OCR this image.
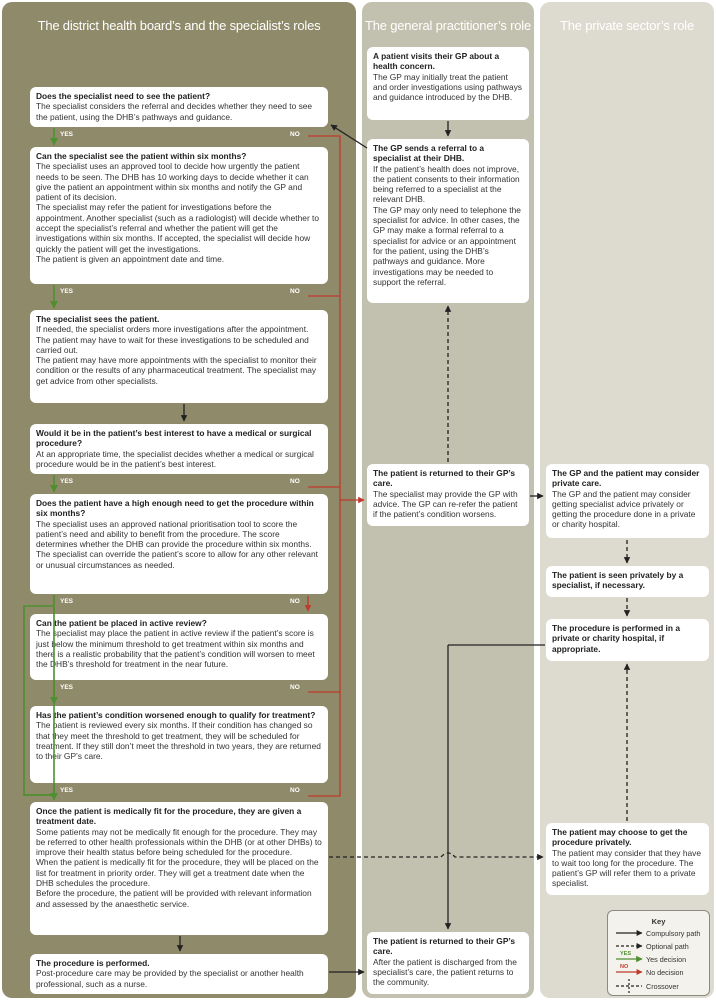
The district health board’s and the specialist’s roles	The general practitioner’s role	The private sector’s role

Does the specialist need to see the patient?

The specialist considers the referral and decides whether they need to see the patient, using the DHB’s pathways and guidance.

Can the specialist see the patient within six months?

The specialist uses an approved tool to decide how urgently the patient needs to be seen. The DHB has 10 working days to decide whether it can give the patient an appointment within six months and notify the GP and patient of its decision.

The specialist may refer the patient for investigations before the appointment. Another specialist (such as a radiologist) will decide whether to accept the specialist’s referral and whether the patient will get the investigations within six months. If accepted, the specialist will decide how quickly the patient will get the investigations.

The patient is given an appointment date and time.

The specialist sees the patient.

If needed, the specialist orders more investigations after the appointment. The patient may have to wait for these investigations to be scheduled and carried out.

The patient may have more appointments with the specialist to monitor their condition or the results of any pharmaceutical treatment. The specialist may get advice from other specialists.

Would it be in the patient’s best interest to have a medical or surgical procedure?

At an appropriate time, the specialist decides whether a medical or surgical procedure would be in the patient’s best interest.

Does the patient have a high enough need to get the procedure within six months?

The specialist uses an approved national prioritisation tool to score the patient’s need and ability to benefit from the procedure. The score determines whether the DHB can provide the procedure within six months.

The specialist can override the patient’s score to allow for any other relevant or unusual circumstances as needed.

Can the patient be placed in active review?

The specialist may place the patient in active review if the patient’s score is just below the minimum threshold to get treatment within six months and there is a realistic probability that the patient’s condition will worsen to meet the DHB’s threshold for treatment in the near future.

Has the patient’s condition worsened enough to qualify for treatment?

The patient is reviewed every six months. If their condition has changed so that they meet the threshold to get treatment, they will be scheduled for treatment. If they still don’t meet the threshold in two years, they are returned to their GP’s care.

Once the patient is medically fit for the procedure, they are given a treatment date.

Some patients may not be medically fit enough for the procedure. They may be referred to other health professionals within the DHB (or at other DHBs) to improve their health status before being scheduled for the procedure.

When the patient is medically fit for the procedure, they will be placed on the list for treatment in priority order. They will get a treatment date when the DHB schedules the procedure.

Before the procedure, the patient will be provided with relevant information and assessed by the anaesthetic service.

The procedure is performed.

Post-procedure care may be provided by the specialist or another health professional, such as a nurse.

A patient visits their GP about a health concern.

The GP may initially treat the patient and order investigations using pathways and guidance introduced by the DHB.

The GP sends a referral to a specialist at their DHB.

If the patient’s health does not improve, the patient consents to their information being referred to a specialist at the relevant DHB.

The GP may only need to telephone the specialist for advice. In other cases, the GP may make a formal referral to a specialist for advice or an appointment for the patient, using the DHB’s pathways and guidance. More investigations may be needed to support the referral.

The patient is returned to their GP’s care.

The specialist may provide the GP with advice. The GP can re-refer the patient if the patient’s condition worsens.

The patient is returned to their GP’s care.

After the patient is discharged from the specialist’s care, the patient returns to the community.

The GP and the patient may consider private care.

The GP and the patient may consider getting specialist advice privately or getting the procedure done in a private or charity hospital.

The patient is seen privately by a specialist, if necessary.

The procedure is performed in a private or charity hospital, if appropriate.

The patient may choose to get the procedure privately.

The patient may consider that they have to wait too long for the procedure. The patient’s GP will refer them to a private specialist.

YES	NO
YES	NO
YES	NO
YES	NO
YES	NO
YES	NO
Key
YES
NO
Compulsory path
Optional path
Yes decision
No decision
Crossover
